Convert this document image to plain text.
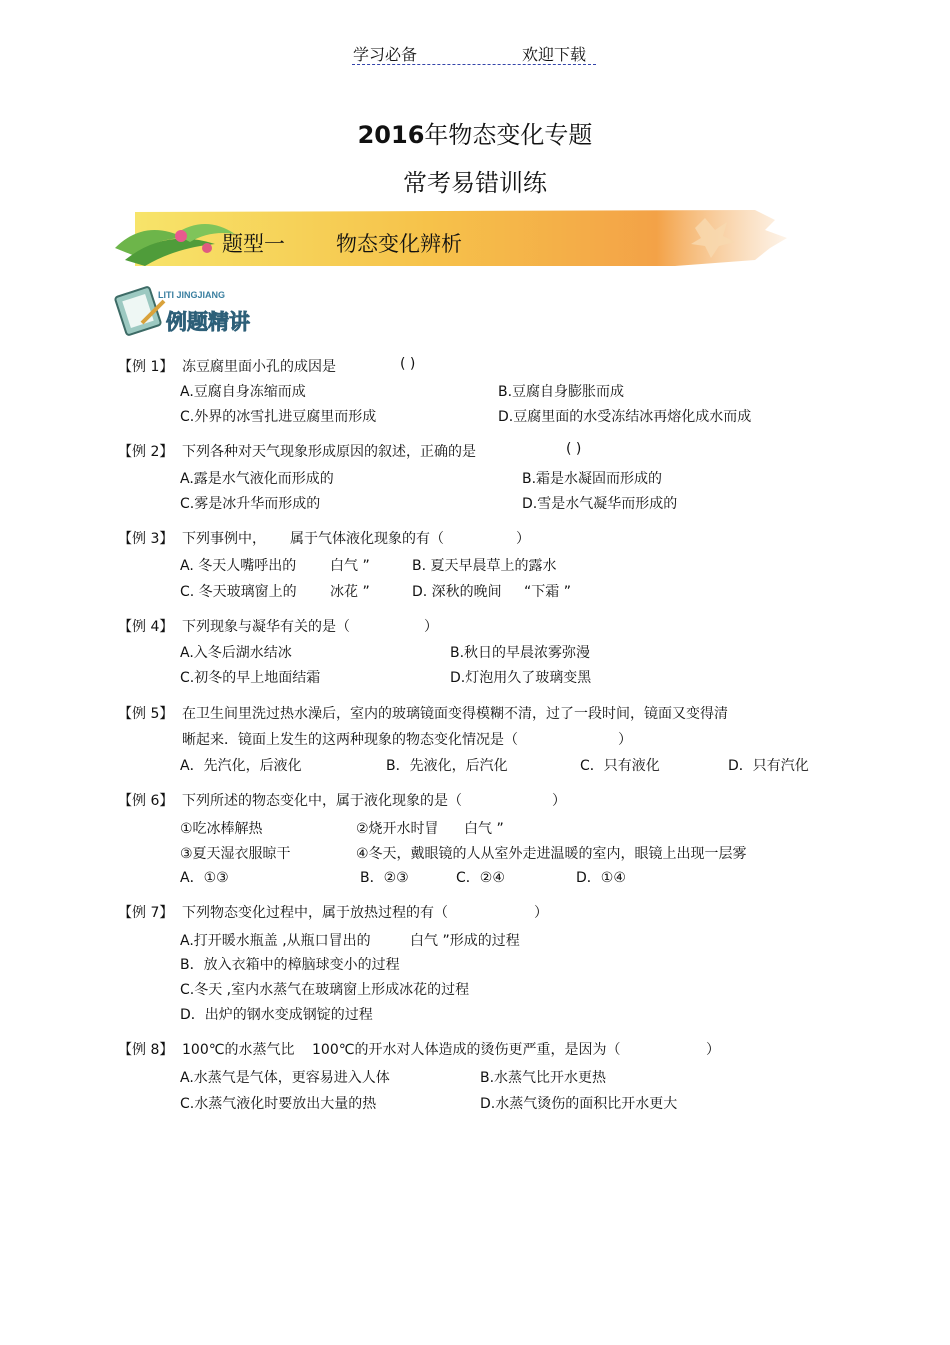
学习必备	欢迎下载
2016年物态变化专题
常考易错训练
题型一 物态变化辨析
LITI JINGJIANG
例题精讲
【例 1】 冻豆腐里面小孔的成因是	( )
A.豆腐自身冻缩而成	B.豆腐自身膨胀而成
C.外界的冰雪扎进豆腐里而形成	D.豆腐里面的水受冻结冰再熔化成水而成
【例 2】 下列各种对天气现象形成原因的叙述，正确的是	( )
A.露是水气液化而形成的	B.霜是水凝固而形成的
C.雾是冰升华而形成的	D.雪是水气凝华而形成的
【例 3】 下列事例中， 属于气体液化现象的有（	）
A. 冬天人嘴呼出的 白气 ”	B. 夏天早晨草上的露水
C. 冬天玻璃窗上的 冰花 ”	D. 深秋的晚间 “下霜 ”
【例 4】 下列现象与凝华有关的是（	）
A.入冬后湖水结冰	B.秋日的早晨浓雾弥漫
C.初冬的早上地面结霜	D.灯泡用久了玻璃变黑
【例 5】 在卫生间里洗过热水澡后，室内的玻璃镜面变得模糊不清，过了一段时间，镜面又变得清
晰起来．镜面上发生的这两种现象的物态变化情况是（	）
A．先汽化，后液化	B．先液化，后汽化	C．只有液化	D．只有汽化
【例 6】 下列所述的物态变化中，属于液化现象的是（	）
①吃冰棒解热	②烧开水时冒 白气 ”
③夏天湿衣服晾干	④冬天，戴眼镜的人从室外走进温暖的室内，眼镜上出现一层雾
A．①③	B．②③	C．②④	D．①④
【例 7】 下列物态变化过程中，属于放热过程的有（	）
A.打开暖水瓶盖 ,从瓶口冒出的	白气 ”形成的过程
B．放入衣箱中的樟脑球变小的过程
C.冬天 ,室内水蒸气在玻璃窗上形成冰花的过程
D．出炉的钢水变成钢锭的过程
【例 8】 100℃的水蒸气比 100℃的开水对人体造成的烫伤更严重，是因为（	）
A.水蒸气是气体，更容易进入人体	B.水蒸气比开水更热
C.水蒸气液化时要放出大量的热	D.水蒸气烫伤的面积比开水更大
